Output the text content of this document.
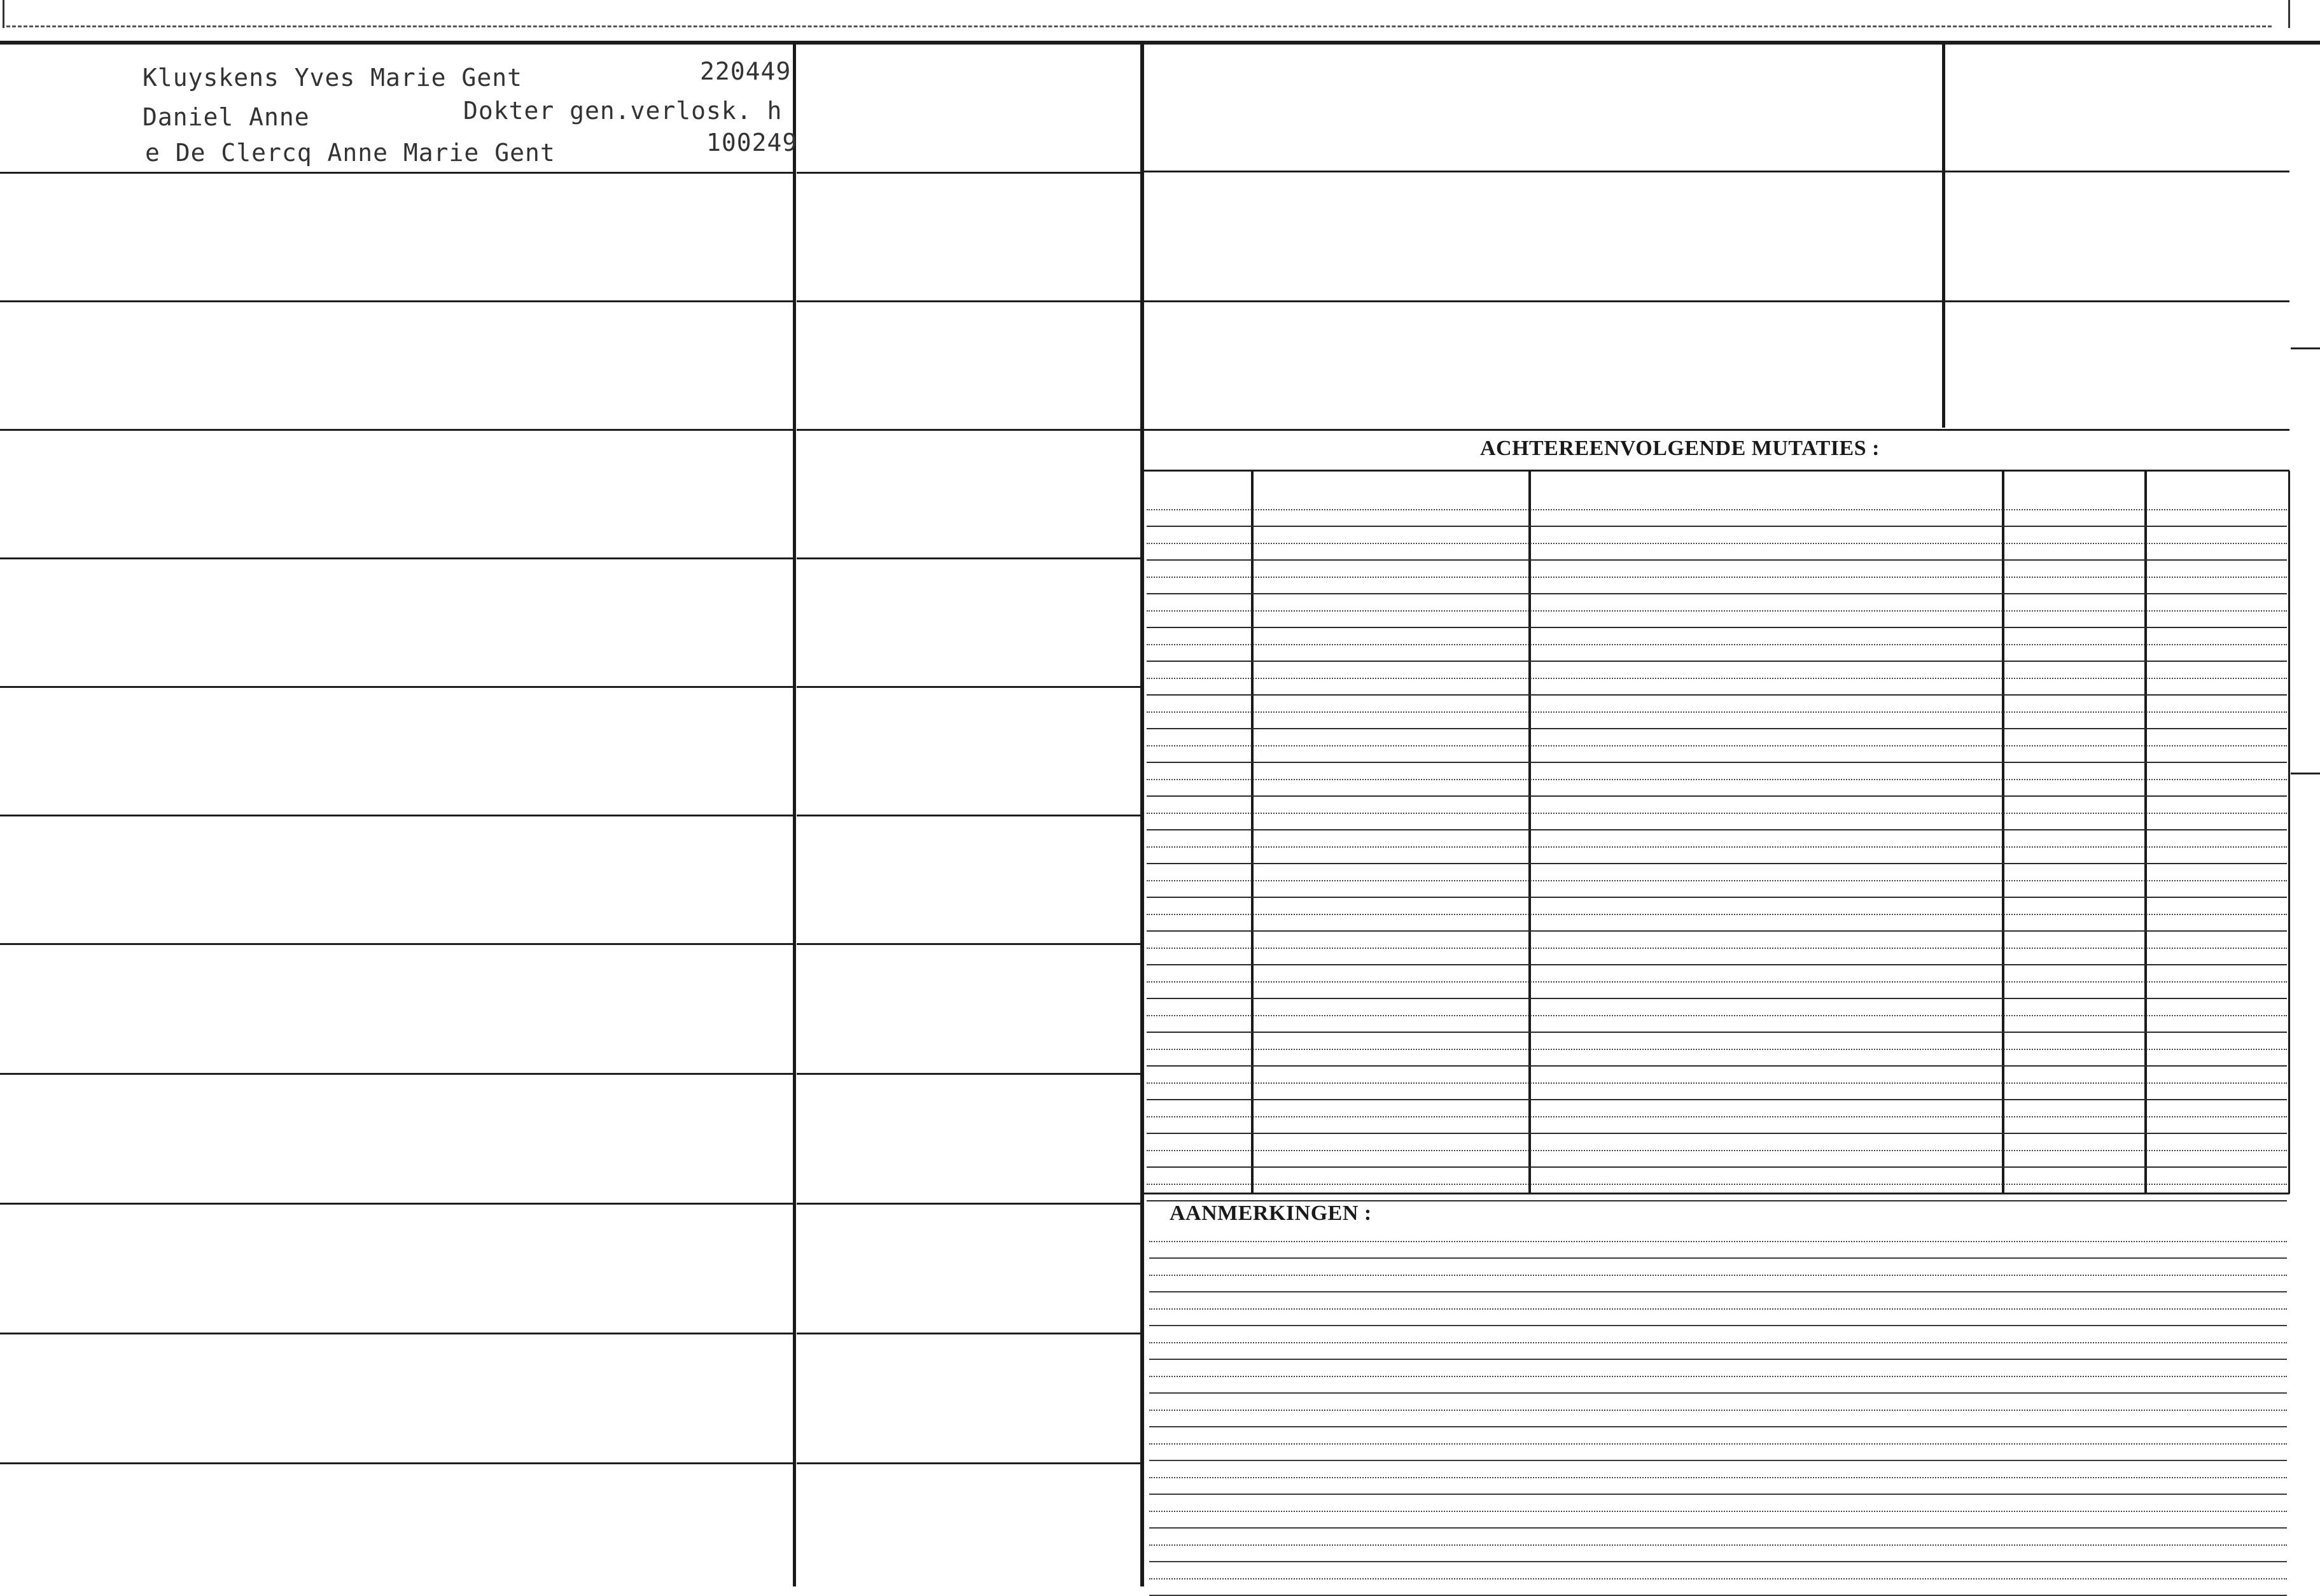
Kluyskens Yves Marie Gent	220449
Daniel Anne	Dokter gen.verlosk. h
e De Clercq Anne Marie Gent	100249
ACHTEREENVOLGENDE MUTATIES :
AANMERKINGEN :
